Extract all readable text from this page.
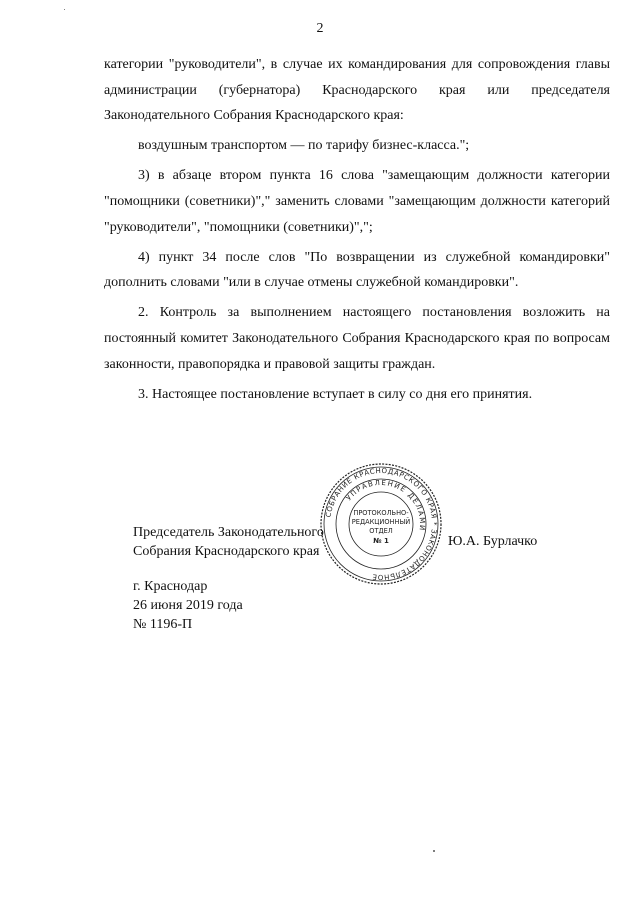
2

категории "руководители", в случае их командирования для сопровождения главы администрации (губернатора) Краснодарского края или председателя Законодательного Собрания Краснодарского края:

воздушным транспортом — по тарифу бизнес-класса.";

3) в абзаце втором пункта 16 слова "замещающим должности категории "помощники (советники)"," заменить словами "замещающим должности категорий "руководители", "помощники (советники)",";

4) пункт 34 после слов "По возвращении из служебной командировки" дополнить словами "или в случае отмены служебной командировки".

2. Контроль за выполнением настоящего постановления возложить на постоянный комитет Законодательного Собрания Краснодарского края по вопросам законности, правопорядка и правовой защиты граждан.

3. Настоящее постановление вступает в силу со дня его принятия.

Председатель Законодательного
Собрания Краснодарского края
Ю.А. Бурлачко
СОБРАНИЕ КРАСНОДАРСКОГО КРАЯ * ЗАКОНОДАТЕЛЬНОЕ
УПРАВЛЕНИЕ ДЕЛАМИ
ПРОТОКОЛЬНО-
РЕДАКЦИОННЫЙ
ОТДЕЛ
№ 1
г. Краснодар
26 июня 2019 года
№ 1196-П
